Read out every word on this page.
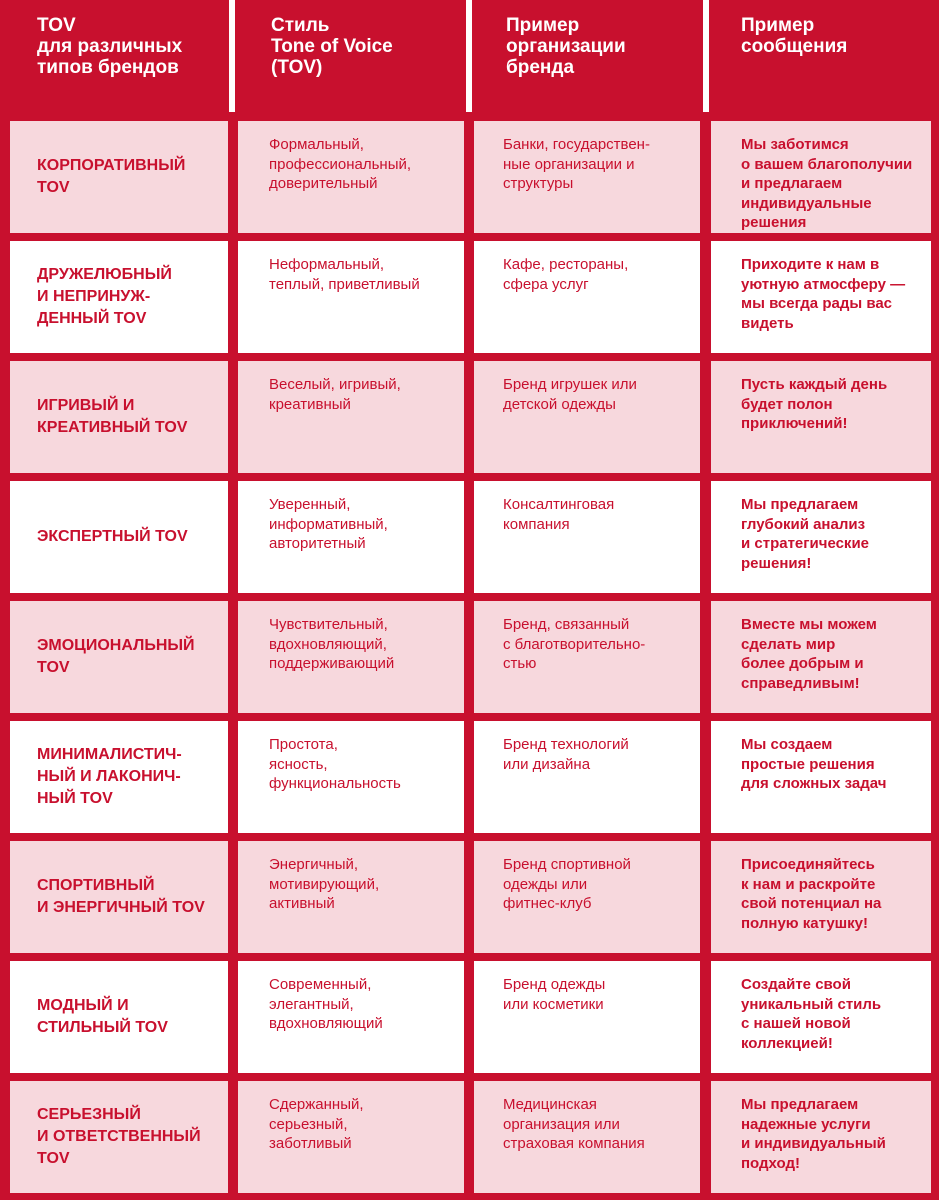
TOV
для различных
типов брендов
Стиль
Tone of Voice
(TOV)
Пример
организации
бренда
Пример
сообщения
КОРПОРАТИВНЫЙ
TOV
Формальный,
профессиональный,
доверительный
Банки, государствен-
ные организации и
структуры
Мы заботимся
о вашем благополучии
и предлагаем
индивидуальные
решения
ДРУЖЕЛЮБНЫЙ
И НЕПРИНУЖ-
ДЕННЫЙ TOV
Неформальный,
теплый, приветливый
Кафе, рестораны,
сфера услуг
Приходите к нам в
уютную атмосферу —
мы всегда рады вас
видеть
ИГРИВЫЙ И
КРЕАТИВНЫЙ TOV
Веселый, игривый,
креативный
Бренд игрушек или
детской одежды
Пусть каждый день
будет полон
приключений!
ЭКСПЕРТНЫЙ TOV
Уверенный,
информативный,
авторитетный
Консалтинговая
компания
Мы предлагаем
глубокий анализ
и стратегические
решения!
ЭМОЦИОНАЛЬНЫЙ
TOV
Чувствительный,
вдохновляющий,
поддерживающий
Бренд, связанный
с благотворительно-
стью
Вместе мы можем
сделать мир
более добрым и
справедливым!
МИНИМАЛИСТИЧ-
НЫЙ И ЛАКОНИЧ-
НЫЙ TOV
Простота,
ясность,
функциональность
Бренд технологий
или дизайна
Мы создаем
простые решения
для сложных задач
СПОРТИВНЫЙ
И ЭНЕРГИЧНЫЙ TOV
Энергичный,
мотивирующий,
активный
Бренд спортивной
одежды или
фитнес-клуб
Присоединяйтесь
к нам и раскройте
свой потенциал на
полную катушку!
МОДНЫЙ И
СТИЛЬНЫЙ TOV
Современный,
элегантный,
вдохновляющий
Бренд одежды
или косметики
Создайте свой
уникальный стиль
с нашей новой
коллекцией!
СЕРЬЕЗНЫЙ
И ОТВЕТСТВЕННЫЙ
TOV
Сдержанный,
серьезный,
заботливый
Медицинская
организация или
страховая компания
Мы предлагаем
надежные услуги
и индивидуальный
подход!
